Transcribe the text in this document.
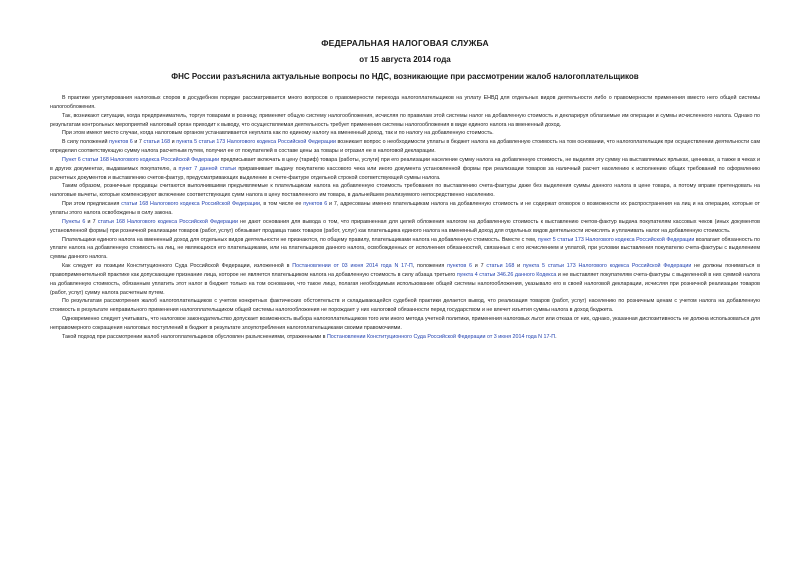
ФЕДЕРАЛЬНАЯ НАЛОГОВАЯ СЛУЖБА
от 15 августа 2014 года
ФНС России разъяснила актуальные вопросы по НДС, возникающие при рассмотрении жалоб налогоплательщиков

В практике урегулирования налоговых споров в досудебном порядке рассматривается много вопросов о правомерности перехода налогоплательщиков на уплату ЕНВД для отдельных видов деятельности либо о правомерности применения вместо него общей системы налогообложения.

Так, возникают ситуации, когда предприниматель, торгуя товарами в розницу, применяет общую систему налогообложения, исчисляя по правилам этой системы налог на добавленную стоимость и декларируя облагаемые им операции и суммы исчисленного налога. Однако по результатам контрольных мероприятий налоговый орган приходит к выводу, что осуществляемая деятельность требует применения системы налогообложения в виде единого налога на вмененный доход.

При этом имеют место случаи, когда налоговым органом устанавливается неуплата как по единому налогу на вмененный доход, так и по налогу на добавленную стоимость.

В силу положений пунктов 6 и 7 статьи 168 и пункта 5 статьи 173 Налогового кодекса Российской Федерации возникает вопрос о необходимости уплаты в бюджет налога на добавленную стоимость на том основании, что налогоплательщик при осуществлении деятельности сам определил соответствующую сумму налога расчетным путем, получил ее от покупателей в составе цены за товары и отразил ее в налоговой декларации.

Пункт 6 статьи 168 Налогового кодекса Российской Федерации предписывает включать в цену (тариф) товара (работы, услуги) при его реализации население сумму налога на добавленную стоимость, не выделяя эту сумму на выставляемых ярлыках, ценниках, а также в чеках и в других документах, выдаваемых покупателю, а пункт 7 данной статьи приравнивает выдачу покупателю кассового чека или иного документа установленной формы при реализации товаров за наличный расчет населению к исполнению общих требований по оформлению расчетных документов и выставлению счетов-фактур, предусматривающих выделение в счете-фактуре отдельной строкой соответствующей суммы налога.

Таким образом, розничные продавцы считаются выполнившими предъявляемые к плательщикам налога на добавленную стоимость требования по выставлению счета-фактуры даже без выделения суммы данного налога в цене товара, а потому вправе претендовать на налоговые вычеты, которые компенсируют включение соответствующих сумм налога в цену поставленного им товара, в дальнейшем реализуемого непосредственно населению.

При этом предписания статьи 168 Налогового кодекса Российской Федерации, в том числе ее пунктов 6 и 7, адресованы именно плательщикам налога на добавленную стоимость и не содержат оговорок о возможности их распространения на лиц и на операции, которые от уплаты этого налога освобождены в силу закона.

Пункты 6 и 7 статьи 168 Налогового кодекса Российской Федерации не дают основания для вывода о том, что приравненная для целей обложения налогом на добавленную стоимость к выставлению счетов-фактур выдача покупателям кассовых чеков (иных документов установленной формы) при розничной реализации товаров (работ, услуг) обязывает продавца таких товаров (работ, услуг) как плательщика единого налога на вмененный доход для отдельных видов деятельности исчислять и уплачивать налог на добавленную стоимость.

Плательщики единого налога на вмененный доход для отдельных видов деятельности не признаются, по общему правилу, плательщиками налога на добавленную стоимость. Вместе с тем, пункт 5 статьи 173 Налогового кодекса Российской Федерации возлагает обязанность по уплате налога на добавленную стоимость на лиц, не являющихся его плательщиками, или на плательщиков данного налога, освобожденных от исполнения обязанностей, связанных с его исчислением и уплатой, при условии выставления покупателю счета-фактуры с выделением суммы данного налога.

Как следует из позиции Конституционного Суда Российской Федерации, изложенной в Постановлении от 03 июня 2014 года N 17-П, положения пунктов 6 и 7 статьи 168 и пункта 5 статьи 173 Налогового кодекса Российской Федерации не должны пониматься в правоприменительной практике как допускающие признание лица, которое не является плательщиком налога на добавленную стоимость в силу абзаца третьего пункта 4 статьи 346.26 данного Кодекса и не выставляет покупателям счета-фактуры с выделенной в них суммой налога на добавленную стоимость, обязанным уплатить этот налог в бюджет только на том основании, что такое лицо, полагая необходимым использование общей системы налогообложения, указывало его в своей налоговой декларации, исчисляя при розничной реализации товаров (работ, услуг) сумму налога расчетным путем.

По результатам рассмотрения жалоб налогоплательщиков с учетом конкретных фактических обстоятельств и складывающейся судебной практики делается вывод, что реализация товаров (работ, услуг) населению по розничным ценам с учетом налога на добавленную стоимость в результате неправильного применения налогоплательщиком общей системы налогообложения не порождает у них налоговой обязанности перед государством и не влечет изъятия суммы налога в доход бюджета.

Одновременно следует учитывать, что налоговое законодательство допускает возможность выбора налогоплательщиком того или иного метода учетной политики, применения налоговых льгот или отказа от них, однако, указанная диспозитивность не должна использоваться для неправомерного сокращения налоговых поступлений в бюджет в результате злоупотребления налогоплательщиками своими правомочиями.

Такой подход при рассмотрении жалоб налогоплательщиков обусловлен разъяснениями, отраженными в Постановлении Конституционного Суда Российской Федерации от 3 июня 2014 года N 17-П.
